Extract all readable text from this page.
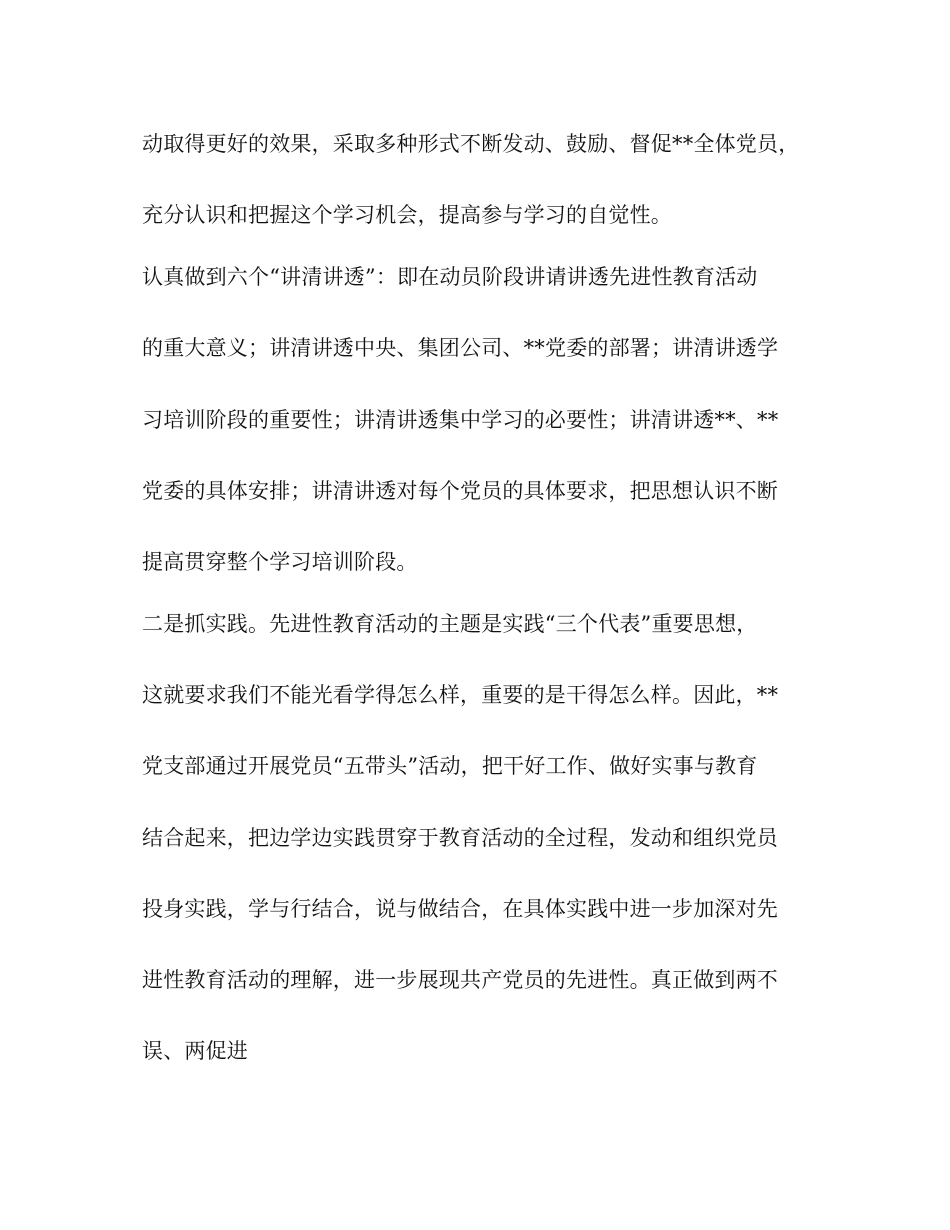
动取得更好的效果，采取多种形式不断发动、鼓励、督促**全体党员，
充分认识和把握这个学习机会，提高参与学习的自觉性。
认真做到六个“讲清讲透”：即在动员阶段讲请讲透先进性教育活动
的重大意义；讲清讲透中央、集团公司、**党委的部署；讲清讲透学
习培训阶段的重要性；讲清讲透集中学习的必要性；讲清讲透**、**
党委的具体安排；讲清讲透对每个党员的具体要求，把思想认识不断
提高贯穿整个学习培训阶段。
二是抓实践。先进性教育活动的主题是实践“三个代表”重要思想，
这就要求我们不能光看学得怎么样，重要的是干得怎么样。因此，**
党支部通过开展党员“五带头”活动，把干好工作、做好实事与教育
结合起来，把边学边实践贯穿于教育活动的全过程，发动和组织党员
投身实践，学与行结合，说与做结合，在具体实践中进一步加深对先
进性教育活动的理解，进一步展现共产党员的先进性。真正做到两不
误、两促进
